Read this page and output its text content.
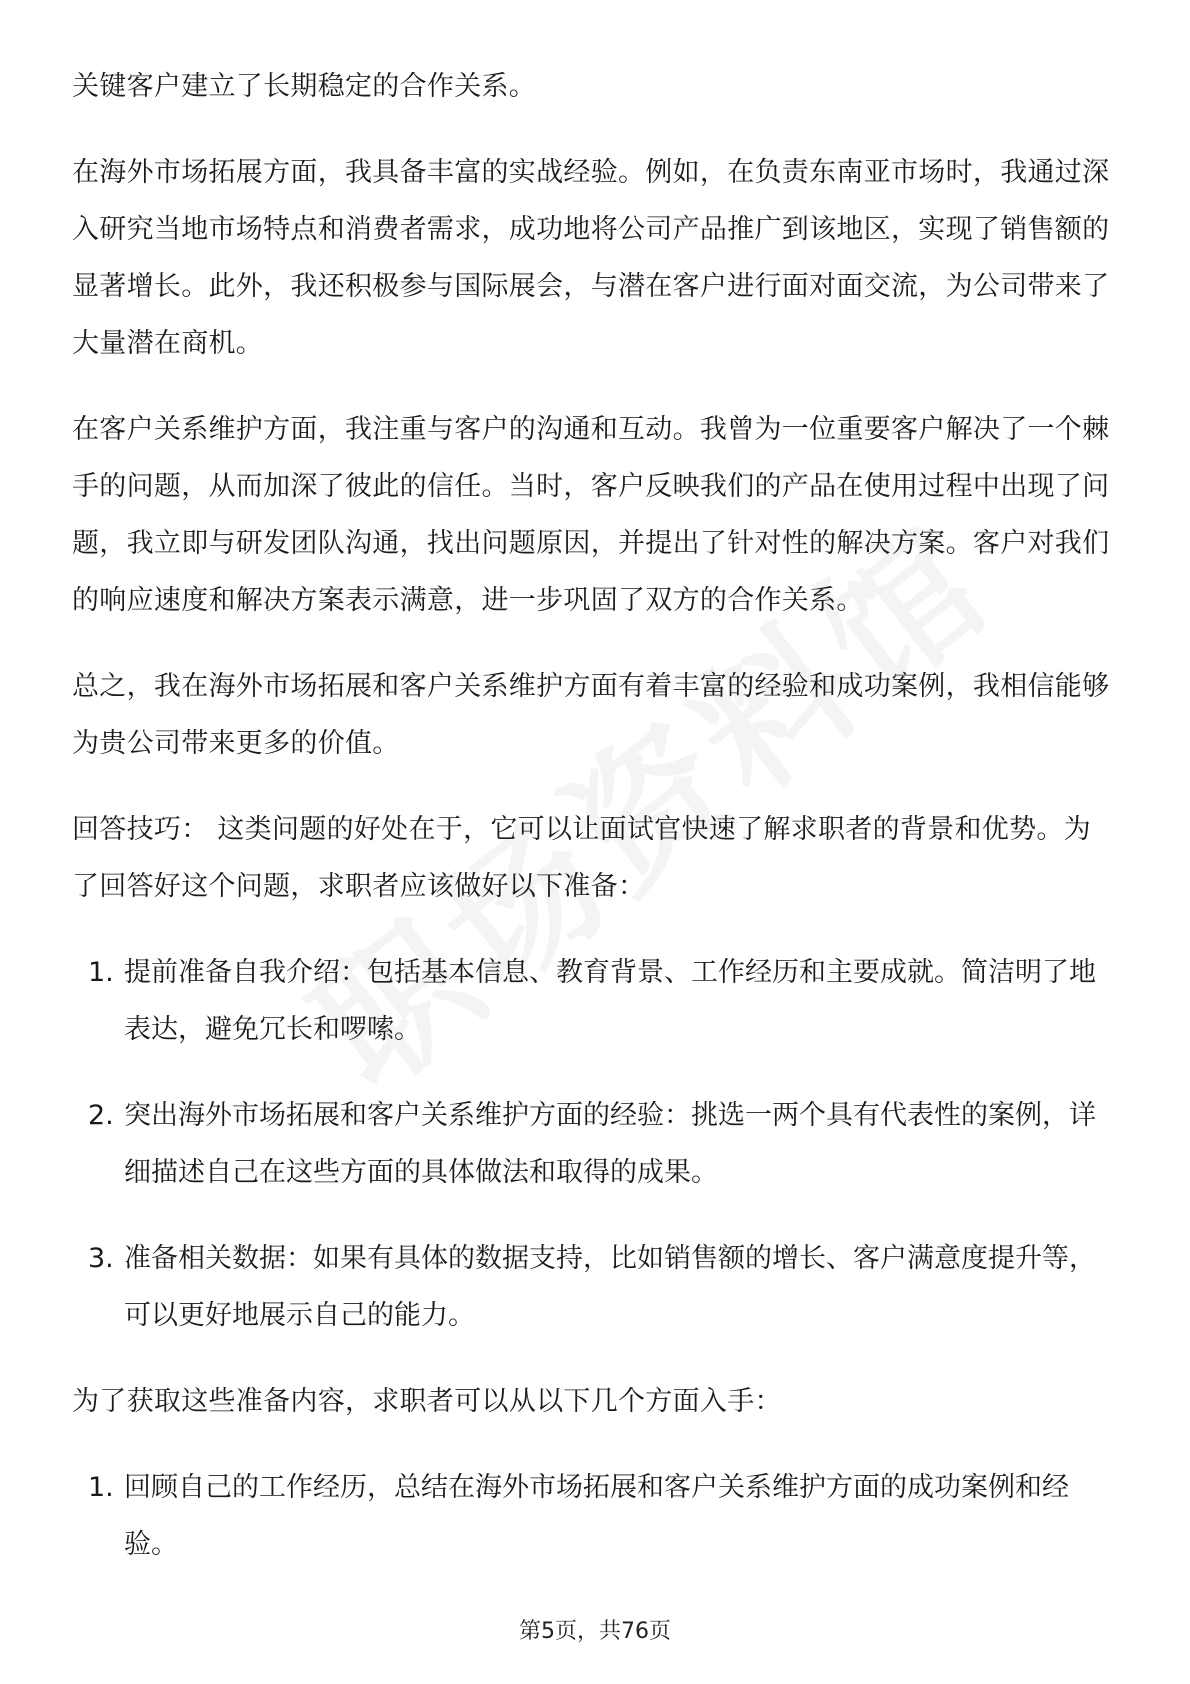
关键客户建立了长期稳定的合作关系。

在海外市场拓展方面，我具备丰富的实战经验。例如，在负责东南亚市场时，我通过深入研究当地市场特点和消费者需求，成功地将公司产品推广到该地区，实现了销售额的显著增长。此外，我还积极参与国际展会，与潜在客户进行面对面交流，为公司带来了大量潜在商机。

在客户关系维护方面，我注重与客户的沟通和互动。我曾为一位重要客户解决了一个棘手的问题，从而加深了彼此的信任。当时，客户反映我们的产品在使用过程中出现了问题，我立即与研发团队沟通，找出问题原因，并提出了针对性的解决方案。客户对我们的响应速度和解决方案表示满意，进一步巩固了双方的合作关系。

总之，我在海外市场拓展和客户关系维护方面有着丰富的经验和成功案例，我相信能够为贵公司带来更多的价值。

回答技巧： 这类问题的好处在于，它可以让面试官快速了解求职者的背景和优势。为了回答好这个问题，求职者应该做好以下准备：

1. 提前准备自我介绍：包括基本信息、教育背景、工作经历和主要成就。简洁明了地表达，避免冗长和啰嗦。
2. 突出海外市场拓展和客户关系维护方面的经验：挑选一两个具有代表性的案例，详细描述自己在这些方面的具体做法和取得的成果。
3. 准备相关数据：如果有具体的数据支持，比如销售额的增长、客户满意度提升等，可以更好地展示自己的能力。

为了获取这些准备内容，求职者可以从以下几个方面入手：

1. 回顾自己的工作经历，总结在海外市场拓展和客户关系维护方面的成功案例和经验。
第5页，共76页
